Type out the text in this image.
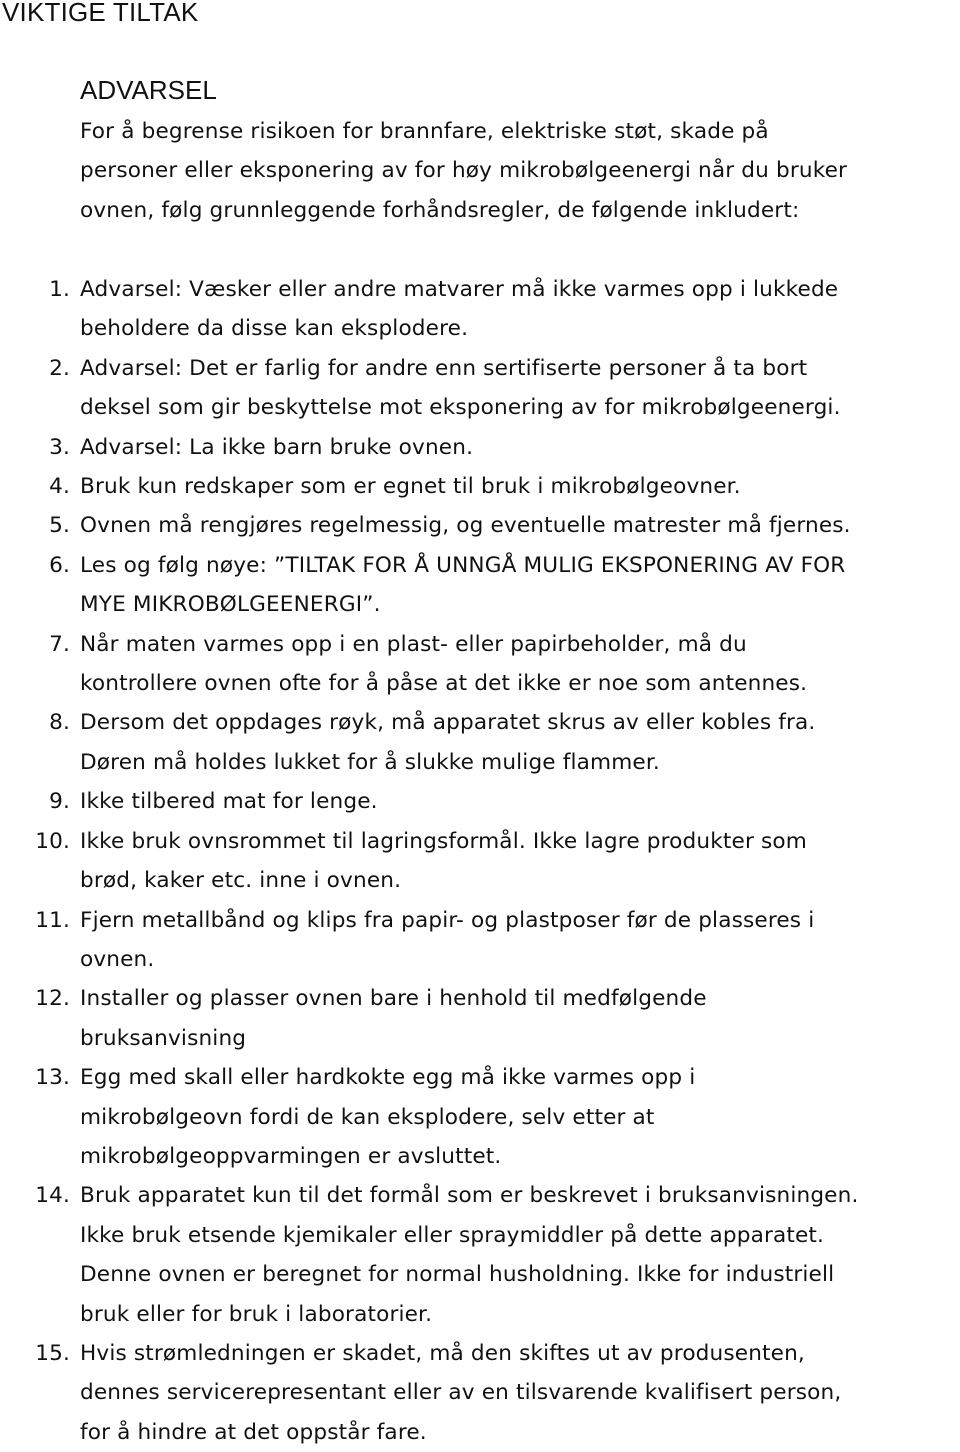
VIKTIGE TILTAK
ADVARSEL

For å begrense risikoen for brannfare, elektriske støt, skade på
personer eller eksponering av for høy mikrobølgeenergi når du bruker
ovnen, følg grunnleggende forhåndsregler, de følgende inkludert:

1. Advarsel: Væsker eller andre matvarer må ikke varmes opp i lukkede
beholdere da disse kan eksplodere.
2. Advarsel: Det er farlig for andre enn sertifiserte personer å ta bort
deksel som gir beskyttelse mot eksponering av for mikrobølgeenergi.
3. Advarsel: La ikke barn bruke ovnen.
4. Bruk kun redskaper som er egnet til bruk i mikrobølgeovner.
5. Ovnen må rengjøres regelmessig, og eventuelle matrester må fjernes.
6. Les og følg nøye: ”TILTAK FOR Å UNNGÅ MULIG EKSPONERING AV FOR
MYE MIKROBØLGEENERGI”.
7. Når maten varmes opp i en plast- eller papirbeholder, må du
kontrollere ovnen ofte for å påse at det ikke er noe som antennes.
8. Dersom det oppdages røyk, må apparatet skrus av eller kobles fra.
Døren må holdes lukket for å slukke mulige flammer.
9. Ikke tilbered mat for lenge.
10. Ikke bruk ovnsrommet til lagringsformål. Ikke lagre produkter som
brød, kaker etc. inne i ovnen.
11. Fjern metallbånd og klips fra papir- og plastposer før de plasseres i
ovnen.
12. Installer og plasser ovnen bare i henhold til medfølgende
bruksanvisning
13. Egg med skall eller hardkokte egg må ikke varmes opp i
mikrobølgeovn fordi de kan eksplodere, selv etter at
mikrobølgeoppvarmingen er avsluttet.
14. Bruk apparatet kun til det formål som er beskrevet i bruksanvisningen.
Ikke bruk etsende kjemikaler eller spraymiddler på dette apparatet.
Denne ovnen er beregnet for normal husholdning. Ikke for industriell
bruk eller for bruk i laboratorier.
15. Hvis strømledningen er skadet, må den skiftes ut av produsenten,
dennes servicerepresentant eller av en tilsvarende kvalifisert person,
for å hindre at det oppstår fare.
